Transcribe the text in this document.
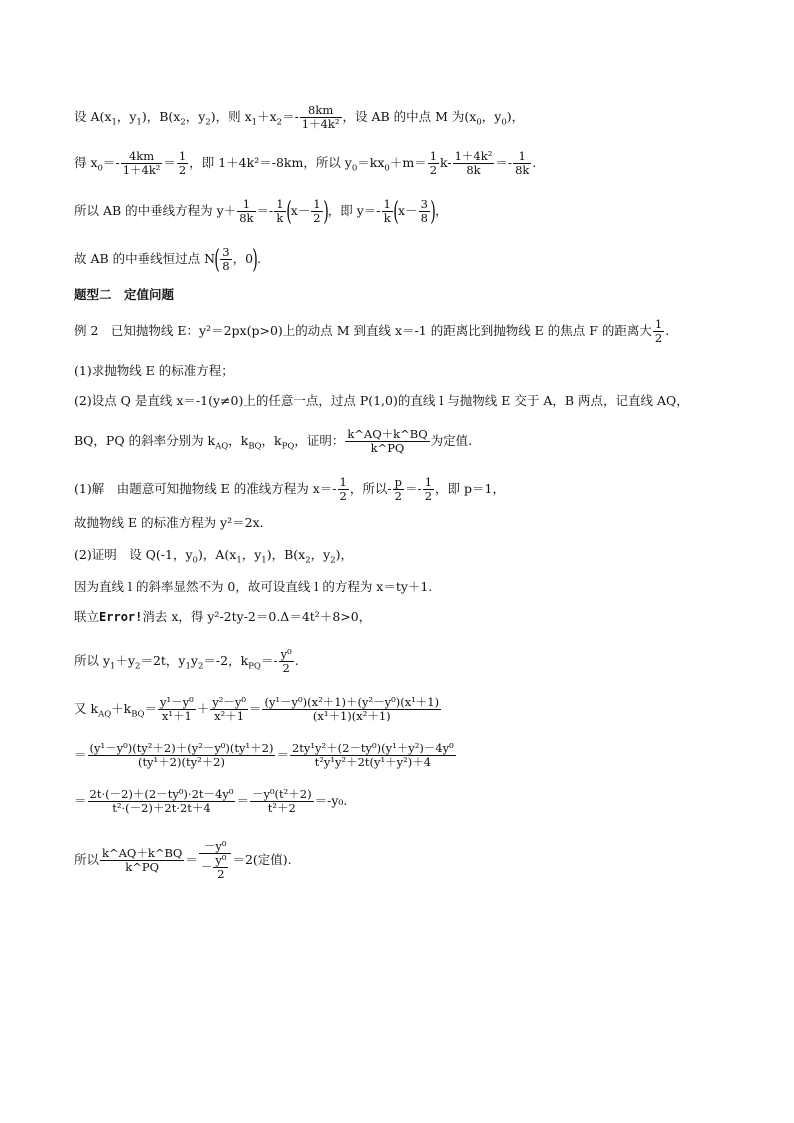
设 $A(x_1$，$y_1$)，$B(x_2$，$y_2$)，则 $x_1+x_2=- \frac{8km}{\text{1＋4k²}}$ ，设 AB 的中点 M 为($x_0$，$y_0$)，
得 $x_0=- \frac{4km}{\text{1＋4k²}} = \frac{1}{2}$ ，即 1＋4k²＝-8km，所以 $y_0=kx_0+m= \frac{1}{2} k- \frac{\text{1＋4k²}}{8k} =- \frac{1}{8k}$ .
所以 AB 的中垂线方程为 $y+ \frac{1}{8k} =- \frac{1}{k} (x- \frac{1}{2}$ )，即 $y=- \frac{1}{k} (x- \frac{3}{8}$ )，
故 AB 的中垂线恒过点 $N( \frac{3}{8}$ ，0).
题型二　定值问题
例 2　已知抛物线 E：y²＝2px(p>0)上的动点 M 到直线 x＝-1 的距离比到抛物线 E 的焦点 F 的距离大 $\frac{1}{2}$ .
(1)求抛物线 E 的标准方程；
(2)设点 Q 是直线 x＝-1(y≠0)上的任意一点，过点 P(1,0)的直线 l 与抛物线 E 交于 A，B 两点，记直线 AQ，
BQ，PQ 的斜率分别为 $k_{AQ}$，$k_{BQ}$，$k_{PQ}$，证明： $\frac{k\^{}AQ+k\^{}BQ}{k\^{}PQ}$ 为定值.
(1)解　由题意可知抛物线 E 的准线方程为 $x=- \frac{1}{2}$ ，所以- $\frac{p}{2} =- \frac{1}{2}$ ，即 p＝1，
故抛物线 E 的标准方程为 y²＝2x.
(2)证明　设 Q(-1，$y_0$)，$A(x_1$，$y_1$)，$B(x_2$，$y_2$)，
因为直线 l 的斜率显然不为 0，故可设直线 l 的方程为 x＝ty＋1.
联立Error!消去 x，得 y²-2ty-2＝0.Δ＝4t²＋8>0，
所以 $y_1+y_2=2t$，$y_1y_2=-2$，$k_{PQ}=- \frac{\text{y⁰}}{2}$ .
又 $k_{AQ}+k_{BQ}= \frac{\text{y¹－y⁰}}{\text{x¹＋1}} + \frac{\text{y²－y⁰}}{\text{x²＋1}} = \frac{\text{(y¹－y⁰)(x²＋1)＋(y²－y⁰)(x¹＋1)}}{\text{(x¹＋1)(x²＋1)}}$
＝ $\frac{\text{(y¹－y⁰)(ty²＋2)＋(y²－y⁰)(ty¹＋2)}}{\text{(ty¹＋2)(ty²＋2)}} = \frac{\text{2ty¹y²＋(2－ty⁰)(y¹＋y²)－4y⁰}}{\text{t²y¹y²＋2t(y¹＋y²)＋4}}$
＝ $\frac{\text{2t·(－2)＋(2－ty⁰)·2t－4y⁰}}{\text{t²·(－2)＋2t·2t＋4}} = \frac{\text{－y⁰(t²＋2)}}{\text{t²＋2}} =-y_0$.
所以 $\frac{k\^{}AQ+k\^{}BQ}{k\^{}PQ} = \frac{\text{－y⁰}}{- \frac{\text{y⁰}}{2}} =2$(定值).
